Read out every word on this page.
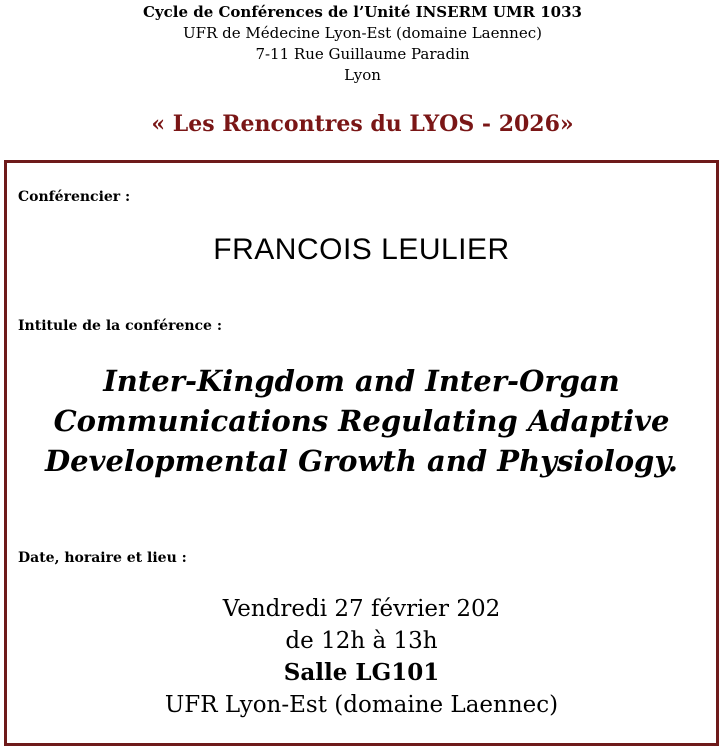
Cycle de Conférences de l’Unité INSERM UMR 1033
UFR de Médecine Lyon-Est (domaine Laennec)
7-11 Rue Guillaume Paradin
Lyon
« Les Rencontres du LYOS - 2026»
Conférencier :
FRANCOIS LEULIER
Intitule de la conférence :
Inter-Kingdom and Inter-Organ
Communications Regulating Adaptive
Developmental Growth and Physiology.
Date, horaire et lieu :
Vendredi 27 février 202
de 12h à 13h
Salle LG101
UFR Lyon-Est (domaine Laennec)
